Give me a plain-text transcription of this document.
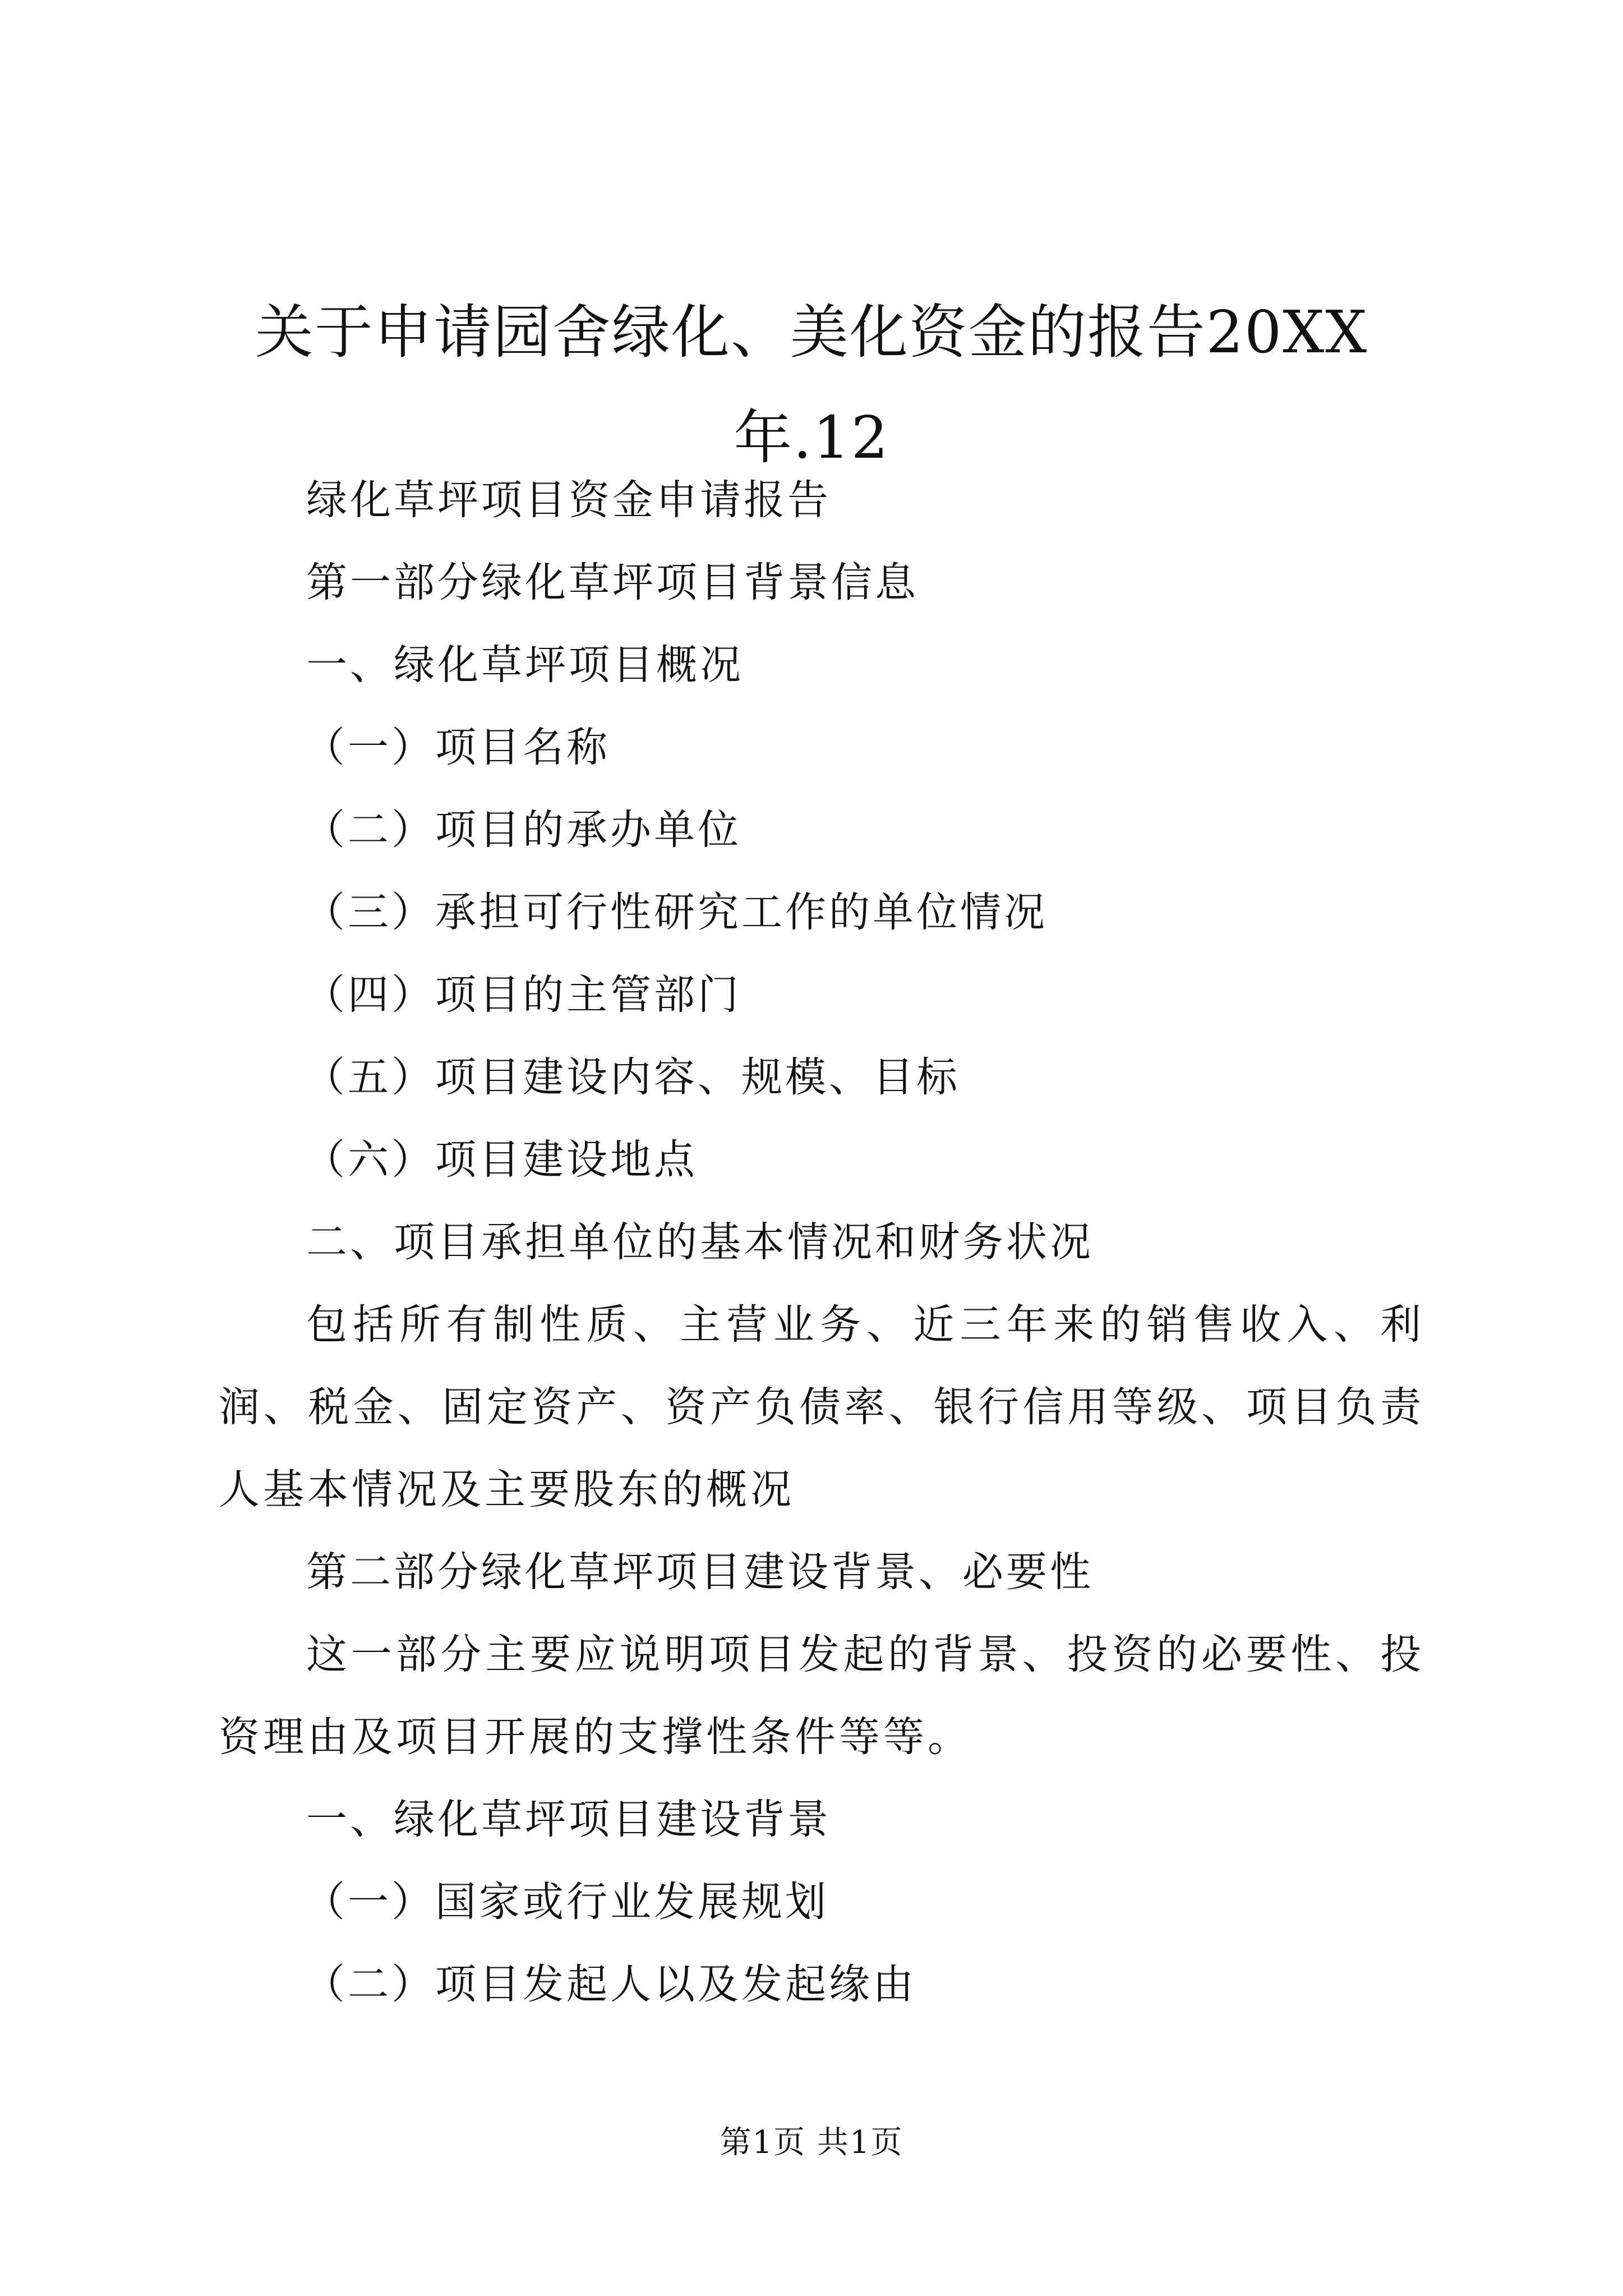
关于申请园舍绿化、美化资金的报告20XX
年.12

绿化草坪项目资金申请报告

第一部分绿化草坪项目背景信息

一、绿化草坪项目概况

（一）项目名称

（二）项目的承办单位

（三）承担可行性研究工作的单位情况

（四）项目的主管部门

（五）项目建设内容、规模、目标

（六）项目建设地点

二、项目承担单位的基本情况和财务状况

包括所有制性质、主营业务、近三年来的销售收入、利润、税金、固定资产、资产负债率、银行信用等级、项目负责人基本情况及主要股东的概况

第二部分绿化草坪项目建设背景、必要性

这一部分主要应说明项目发起的背景、投资的必要性、投资理由及项目开展的支撑性条件等等。

一、绿化草坪项目建设背景

（一）国家或行业发展规划

（二）项目发起人以及发起缘由

第1页 共1页
